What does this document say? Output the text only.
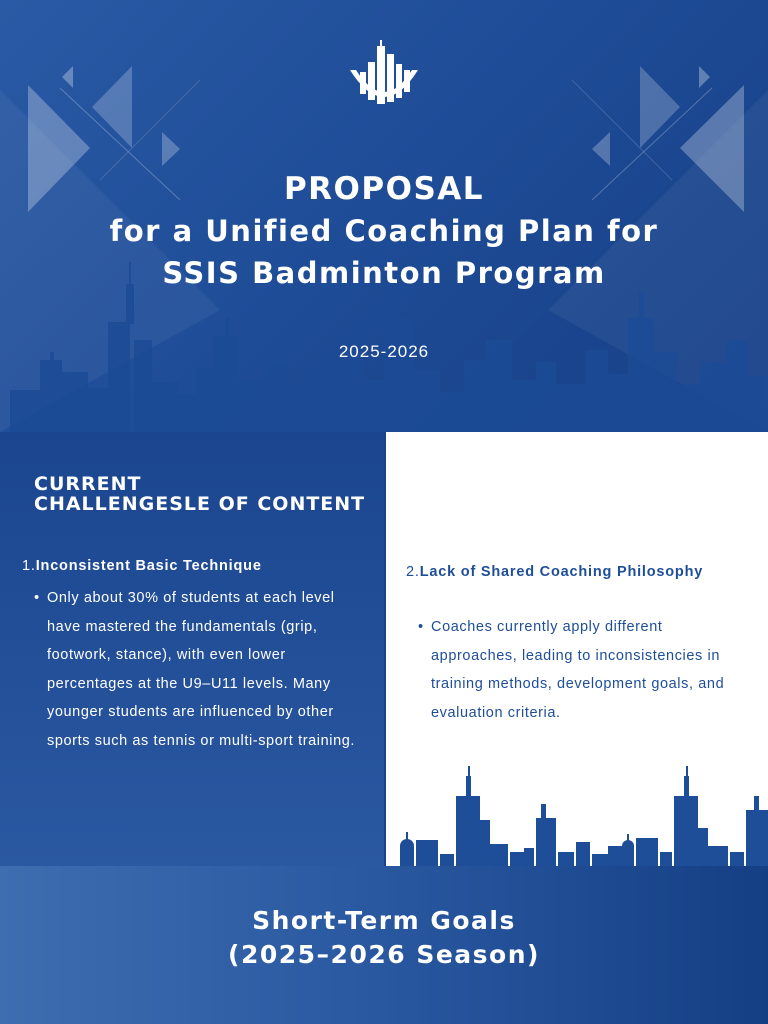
PROPOSAL
for a Unified Coaching Plan for
SSIS Badminton Program
2025-2026
CURRENT
CHALLENGESLE OF CONTENT
1.Inconsistent Basic Technique
• Only about 30% of students at each level have mastered the fundamentals (grip, footwork, stance), with even lower percentages at the U9–U11 levels. Many younger students are influenced by other sports such as tennis or multi-sport training.
2.Lack of Shared Coaching Philosophy
• Coaches currently apply different approaches, leading to inconsistencies in training methods, development goals, and evaluation criteria.
Short-Term Goals
(2025–2026 Season)
